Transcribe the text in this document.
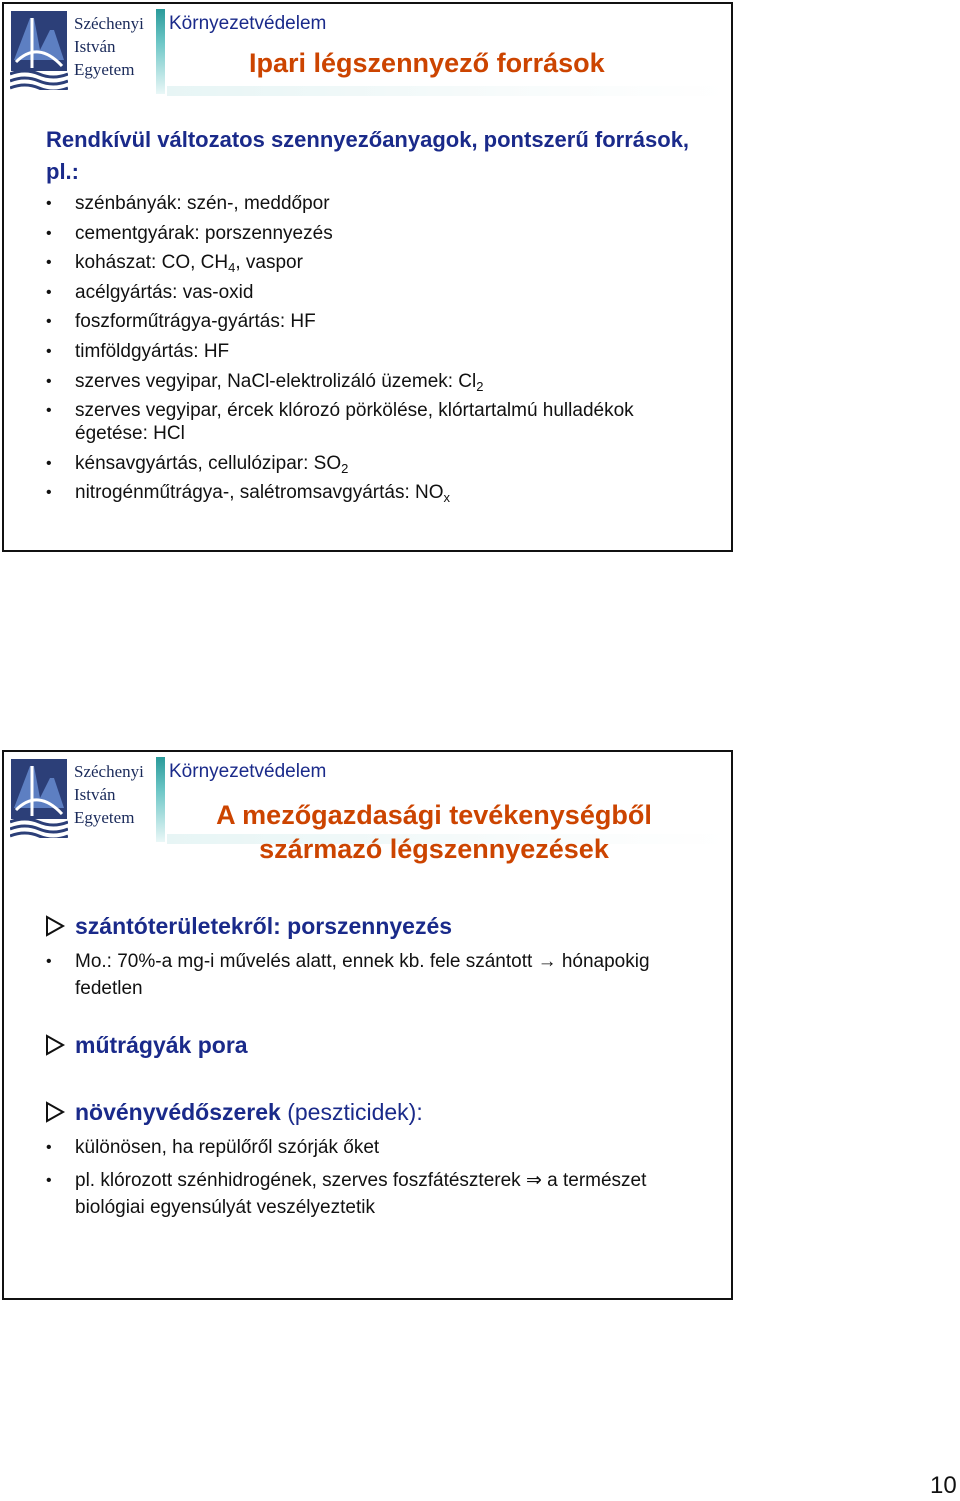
Széchenyi
István
Egyetem
Környezetvédelem
Ipari légszennyező források
Rendkívül változatos szennyezőanyagok, pontszerű források, pl.:
• szénbányák: szén-, meddőpor
• cementgyárak: porszennyezés
• kohászat: CO, $CH_4$, vaspor
• acélgyártás: vas-oxid
• foszforműtrágya-gyártás: HF
• timföldgyártás: HF
• szerves vegyipar, NaCl-elektrolizáló üzemek: $Cl_2$
• szerves vegyipar, ércek klórozó pörkölése, klórtartalmú hulladékok égetése: HCl
• kénsavgyártás, cellulózipar: $SO_2$
• nitrogénműtrágya-, salétromsavgyártás: $NO_x$
Széchenyi
István
Egyetem
Környezetvédelem
A mezőgazdasági tevékenységből
származó légszennyezések
szántóterületekről: porszennyezés
• Mo.: 70%-a mg-i művelés alatt, ennek kb. fele szántott → hónapokig fedetlen
műtrágyák pora
növényvédőszerek (peszticidek):
• különösen, ha repülőről szórják őket
• pl. klórozott szénhidrogének, szerves foszfátészterek ⇒ a természet biológiai egyensúlyát veszélyeztetik
10
